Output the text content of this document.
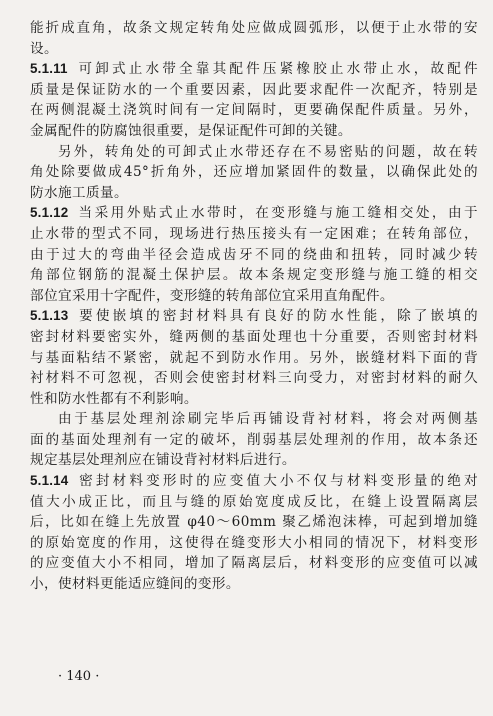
能折成直角，故条文规定转角处应做成圆弧形，以便于止水带的安
设。
5.1.11 可卸式止水带全靠其配件压紧橡胶止水带止水，故配件
质量是保证防水的一个重要因素，因此要求配件一次配齐，特别是
在两侧混凝土浇筑时间有一定间隔时，更要确保配件质量。另外，
金属配件的防腐蚀很重要，是保证配件可卸的关键。
另外，转角处的可卸式止水带还存在不易密贴的问题，故在转
角处除要做成45°折角外，还应增加紧固件的数量，以确保此处的
防水施工质量。
5.1.12 当采用外贴式止水带时，在变形缝与施工缝相交处，由于
止水带的型式不同，现场进行热压接头有一定困难；在转角部位，
由于过大的弯曲半径会造成齿牙不同的绕曲和扭转，同时减少转
角部位钢筋的混凝土保护层。故本条规定变形缝与施工缝的相交
部位宜采用十字配件，变形缝的转角部位宜采用直角配件。
5.1.13 要使嵌填的密封材料具有良好的防水性能，除了嵌填的
密封材料要密实外，缝两侧的基面处理也十分重要，否则密封材料
与基面粘结不紧密，就起不到防水作用。另外，嵌缝材料下面的背
衬材料不可忽视，否则会使密封材料三向受力，对密封材料的耐久
性和防水性都有不利影响。
由于基层处理剂涂刷完毕后再铺设背衬材料，将会对两侧基
面的基面处理剂有一定的破坏，削弱基层处理剂的作用，故本条还
规定基层处理剂应在铺设背衬材料后进行。
5.1.14 密封材料变形时的应变值大小不仅与材料变形量的绝对
值大小成正比，而且与缝的原始宽度成反比，在缝上设置隔离层
后，比如在缝上先放置 φ40～60mm 聚乙烯泡沫棒，可起到增加缝
的原始宽度的作用，这使得在缝变形大小相同的情况下，材料变形
的应变值大小不相同，增加了隔离层后，材料变形的应变值可以减
小，使材料更能适应缝间的变形。
· 140 ·
